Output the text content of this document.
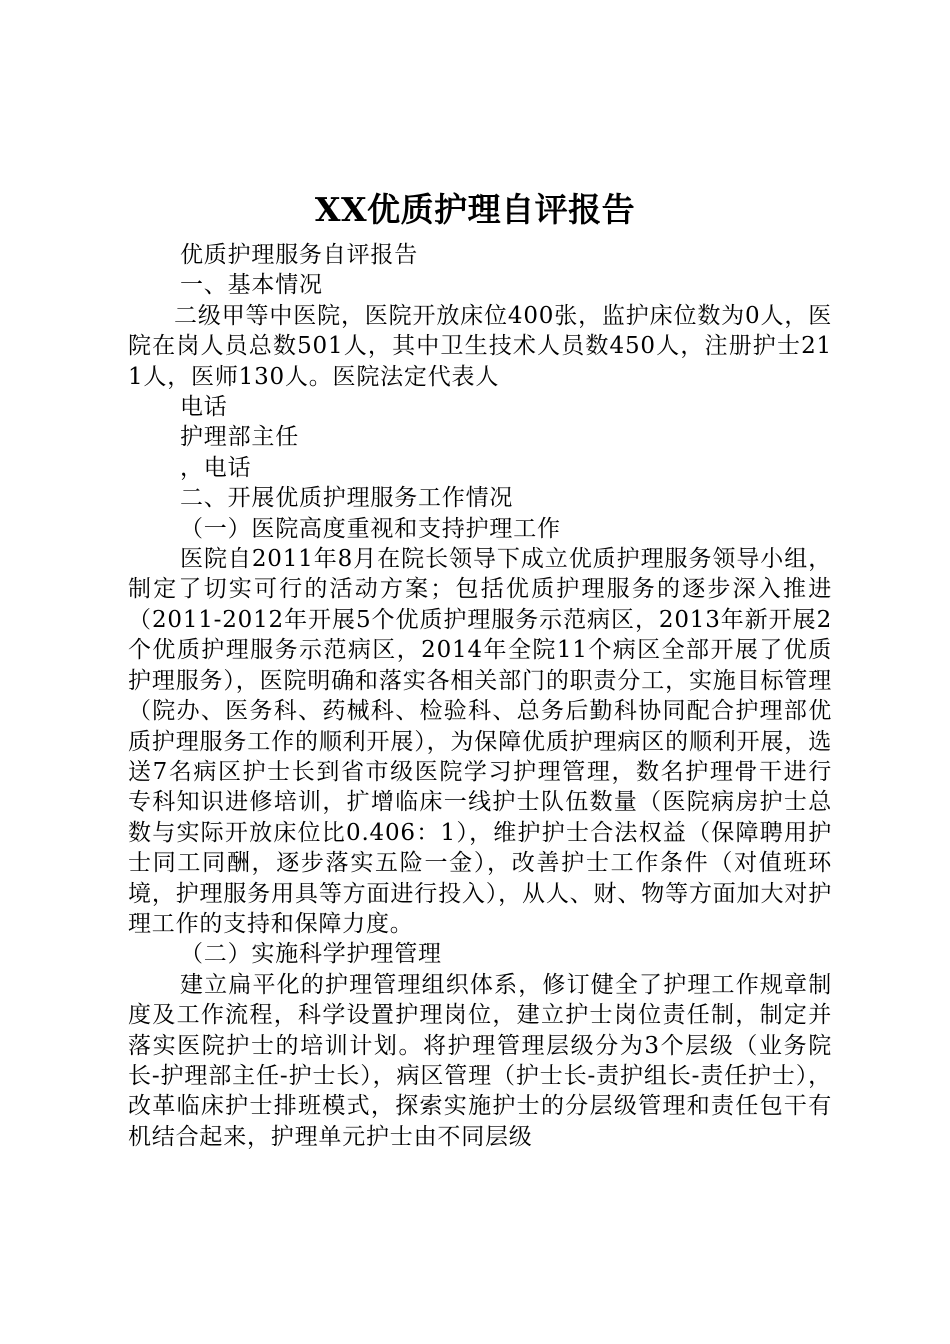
XX优质护理自评报告

优质护理服务自评报告

一、基本情况

二级甲等中医院，医院开放床位400张，监护床位数为0人，医院在岗人员总数501人，其中卫生技术人员数450人，注册护士211人，医师130人。医院法定代表人

电话

护理部主任

，电话

二、开展优质护理服务工作情况

（一）医院高度重视和支持护理工作

医院自2011年8月在院长领导下成立优质护理服务领导小组，制定了切实可行的活动方案；包括优质护理服务的逐步深入推进（2011-2012年开展5个优质护理服务示范病区，2013年新开展2个优质护理服务示范病区，2014年全院11个病区全部开展了优质护理服务），医院明确和落实各相关部门的职责分工，实施目标管理（院办、医务科、药械科、检验科、总务后勤科协同配合护理部优质护理服务工作的顺利开展），为保障优质护理病区的顺利开展，选送7名病区护士长到省市级医院学习护理管理，数名护理骨干进行专科知识进修培训，扩增临床一线护士队伍数量（医院病房护士总数与实际开放床位比0.406：1），维护护士合法权益（保障聘用护士同工同酬，逐步落实五险一金），改善护士工作条件（对值班环境，护理服务用具等方面进行投入），从人、财、物等方面加大对护理工作的支持和保障力度。

（二）实施科学护理管理

建立扁平化的护理管理组织体系，修订健全了护理工作规章制度及工作流程，科学设置护理岗位，建立护士岗位责任制，制定并落实医院护士的培训计划。将护理管理层级分为3个层级（业务院长-护理部主任-护士长），病区管理（护士长-责护组长-责任护士），改革临床护士排班模式，探索实施护士的分层级管理和责任包干有机结合起来，护理单元护士由不同层级
